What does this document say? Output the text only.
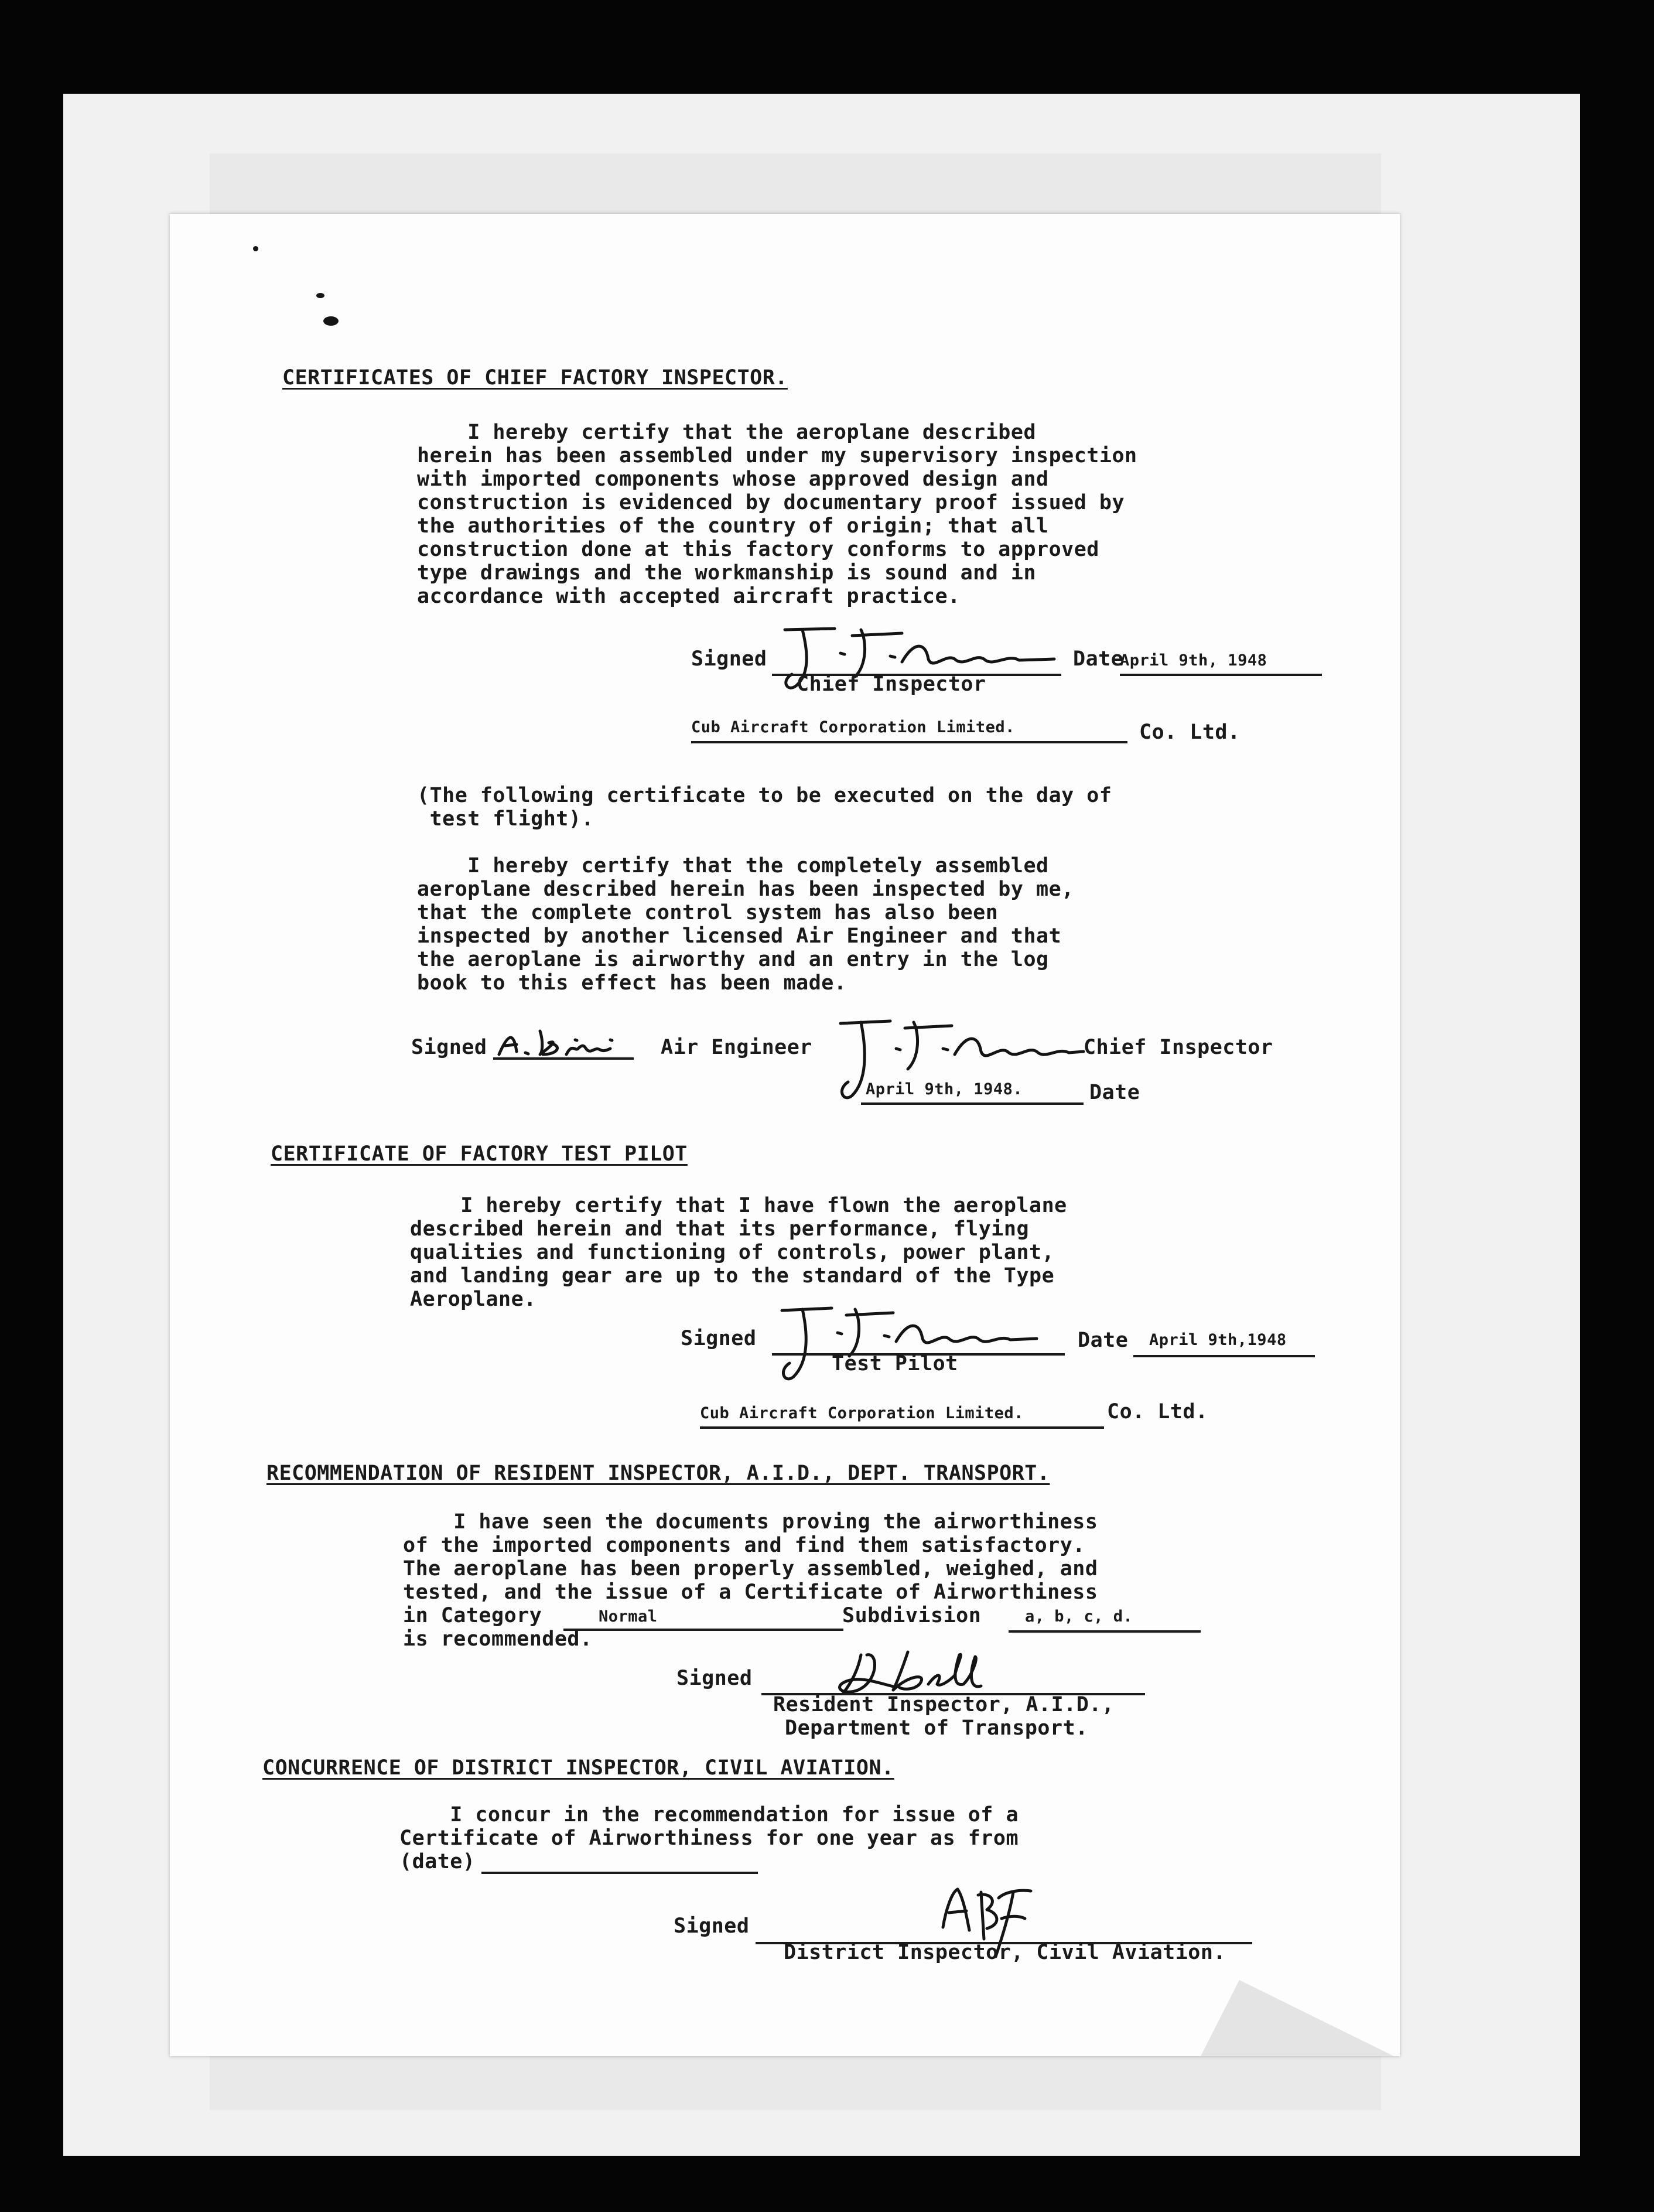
CERTIFICATES OF CHIEF FACTORY INSPECTOR.
I hereby certify that the aeroplane described
herein has been assembled under my supervisory inspection
with imported components whose approved design and
construction is evidenced by documentary proof issued by
the authorities of the country of origin; that all
construction done at this factory conforms to approved
type drawings and the workmanship is sound and in
accordance with accepted aircraft practice.
Signed
Chief Inspector
Date
April 9th, 1948
Cub Aircraft Corporation Limited.	Co. Ltd.
(The following certificate to be executed on the day of
test flight).
I hereby certify that the completely assembled
aeroplane described herein has been inspected by me,
that the complete control system has also been
inspected by another licensed Air Engineer and that
the aeroplane is airworthy and an entry in the log
book to this effect has been made.
Signed	Air Engineer	Chief Inspector
April 9th, 1948.	Date
CERTIFICATE OF FACTORY TEST PILOT
I hereby certify that I have flown the aeroplane
described herein and that its performance, flying
qualities and functioning of controls, power plant,
and landing gear are up to the standard of the Type
Aeroplane.
Signed
Test Pilot
Date April 9th,1948
Cub Aircraft Corporation Limited.	Co. Ltd.
RECOMMENDATION OF RESIDENT INSPECTOR, A.I.D., DEPT. TRANSPORT.
I have seen the documents proving the airworthiness
of the imported components and find them satisfactory.
The aeroplane has been properly assembled, weighed, and
tested, and the issue of a Certificate of Airworthiness
in Category	Normal	Subdivision	a, b, c, d.
is recommended.
Signed
Resident Inspector, A.I.D.,
Department of Transport.
CONCURRENCE OF DISTRICT INSPECTOR, CIVIL AVIATION.
I concur in the recommendation for issue of a
Certificate of Airworthiness for one year as from
(date)
Signed
District Inspector, Civil Aviation.
